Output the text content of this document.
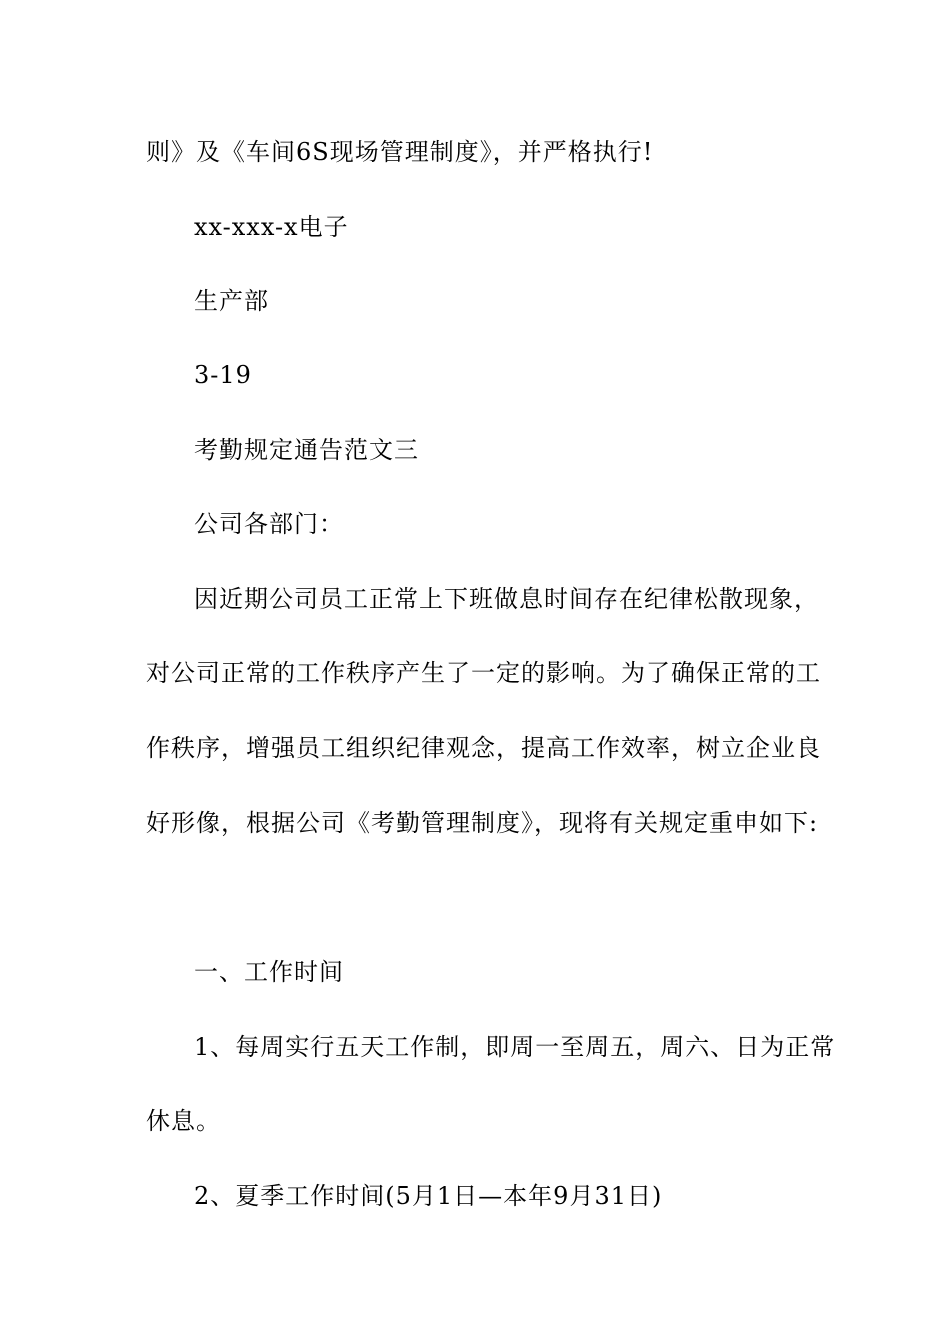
则》及《车间6S现场管理制度》，并严格执行!
xx-xxx-x电子
生产部
3-19
考勤规定通告范文三
公司各部门：
因近期公司员工正常上下班做息时间存在纪律松散现象，
对公司正常的工作秩序产生了一定的影响。为了确保正常的工
作秩序，增强员工组织纪律观念，提高工作效率，树立企业良
好形像，根据公司《考勤管理制度》，现将有关规定重申如下:
一、工作时间
1、每周实行五天工作制，即周一至周五，周六、日为正常
休息。
2、夏季工作时间(5月1日—本年9月31日)
